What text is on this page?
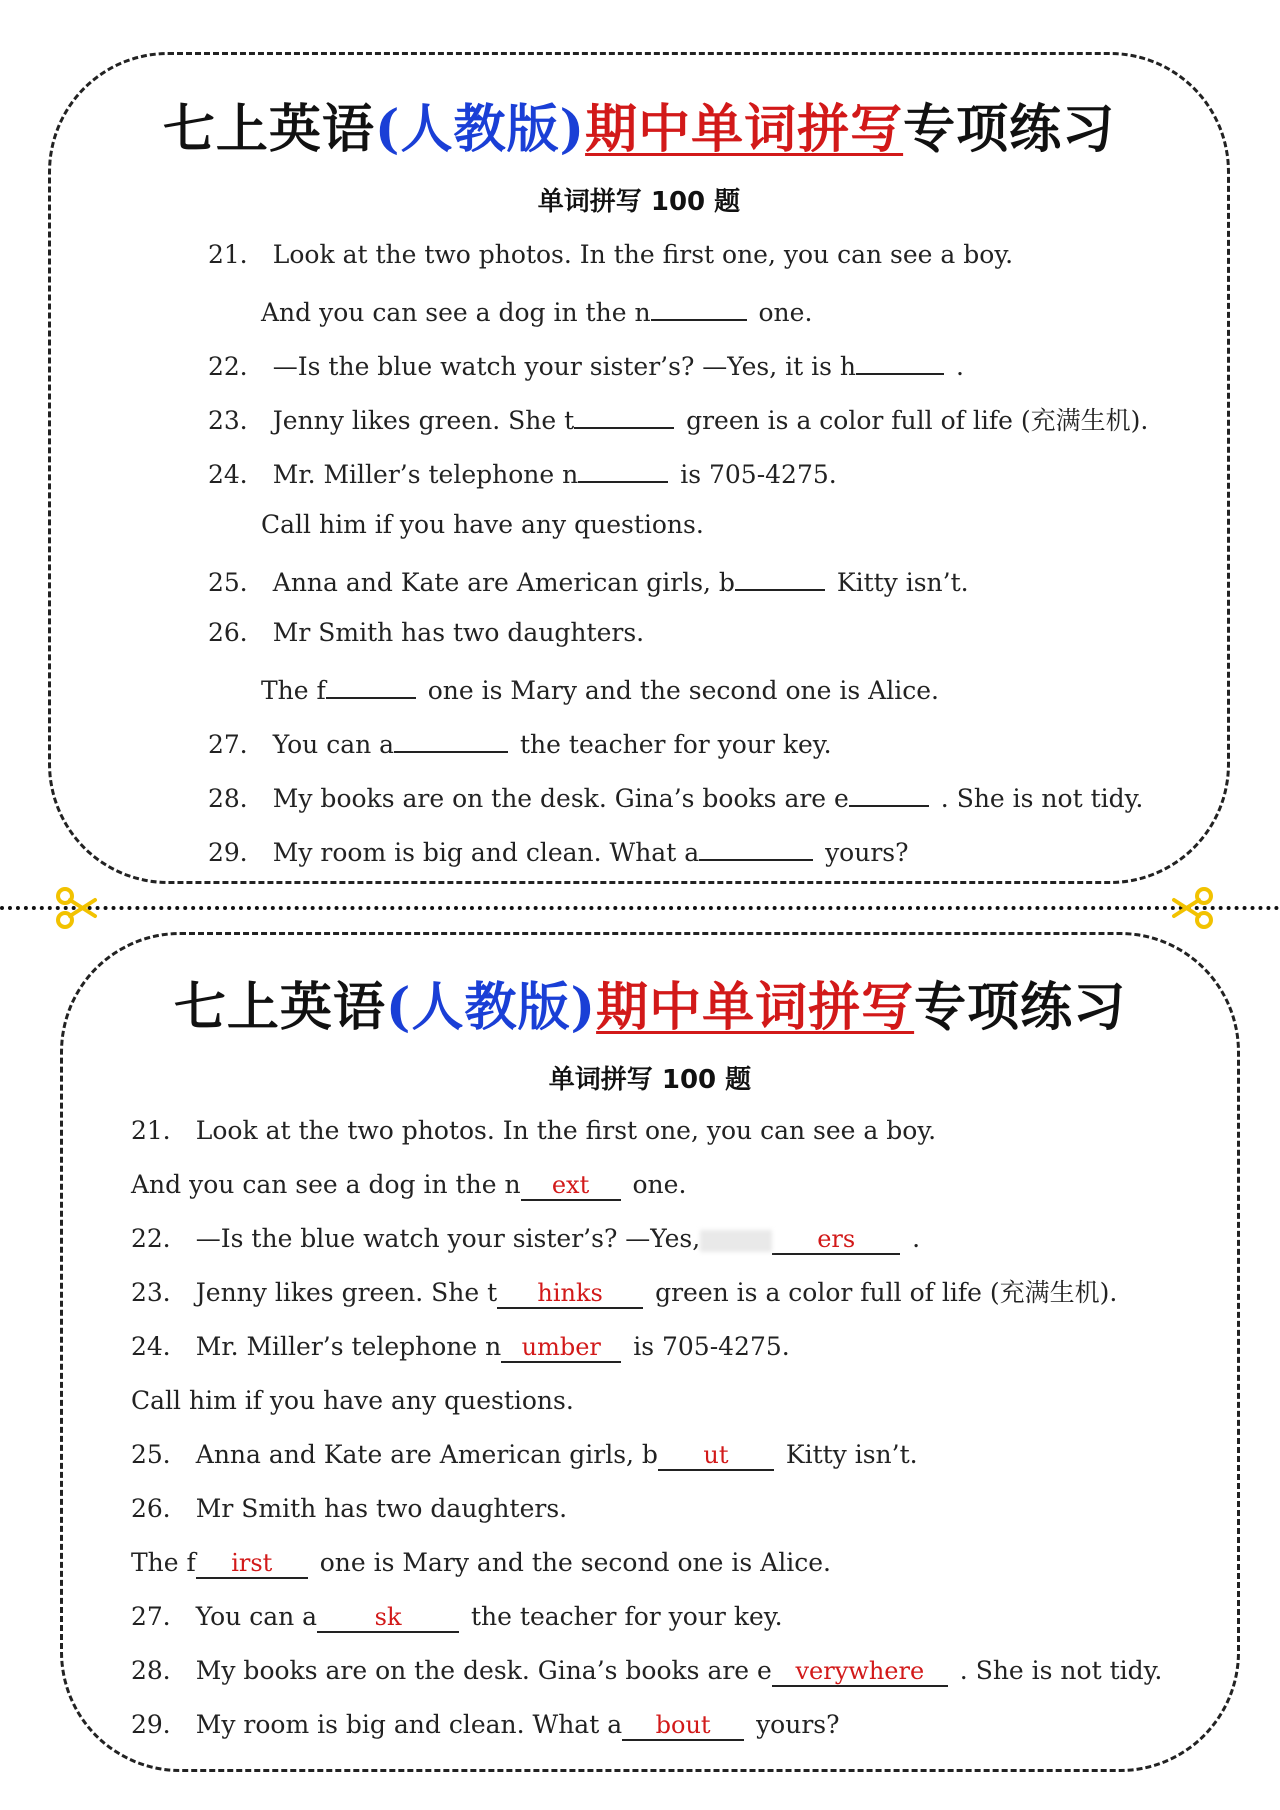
七上英语(人教版)期中单词拼写专项练习
单词拼写 100 题
21． Look at the two photos. In the first one, you can see a boy.
And you can see a dog in the n	one.
22． —Is the blue watch your sister’s? —Yes, it is h	.
23． Jenny likes green. She t	green is a color full of life (充满生机).
24． Mr. Miller’s telephone n	is 705-4275.
Call him if you have any questions.
25． Anna and Kate are American girls, b	Kitty isn’t.
26． Mr Smith has two daughters.
The f	one is Mary and the second one is Alice.
27． You can a	the teacher for your key.
28． My books are on the desk. Gina’s books are e	. She is not tidy.
29． My room is big and clean. What a	yours?
七上英语(人教版)期中单词拼写专项练习
单词拼写 100 题
21． Look at the two photos. In the first one, you can see a boy.
And you can see a dog in the n ext one.
22． —Is the blue watch your sister’s? —Yes,	ers .
23． Jenny likes green. She t hinks green is a color full of life (充满生机).
24． Mr. Miller’s telephone n umber is 705-4275.
Call him if you have any questions.
25． Anna and Kate are American girls, b ut Kitty isn’t.
26． Mr Smith has two daughters.
The f irst one is Mary and the second one is Alice.
27． You can a sk	the teacher for your key.
28． My books are on the desk. Gina’s books are e verywhere . She is not tidy.
29． My room is big and clean. What a bout yours?
